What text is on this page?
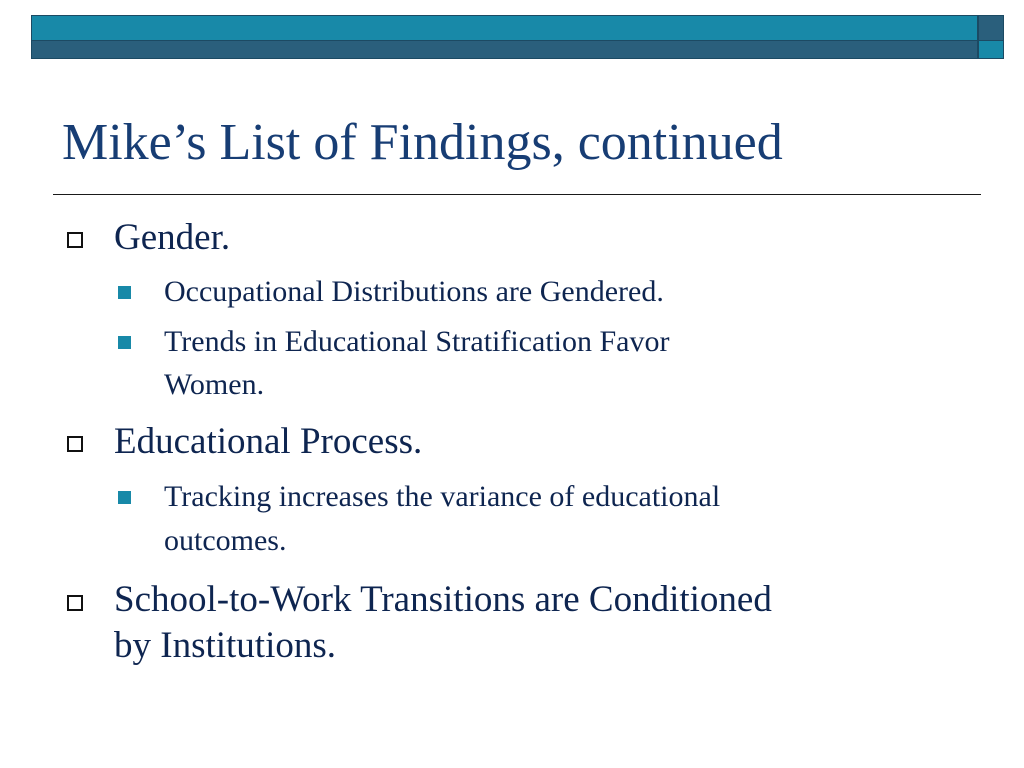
Mike’s List of Findings, continued
Gender.
Occupational Distributions are Gendered.
Trends in Educational Stratification Favor
Women.
Educational Process.
Tracking increases the variance of educational
outcomes.
School-to-Work Transitions are Conditioned
by Institutions.
